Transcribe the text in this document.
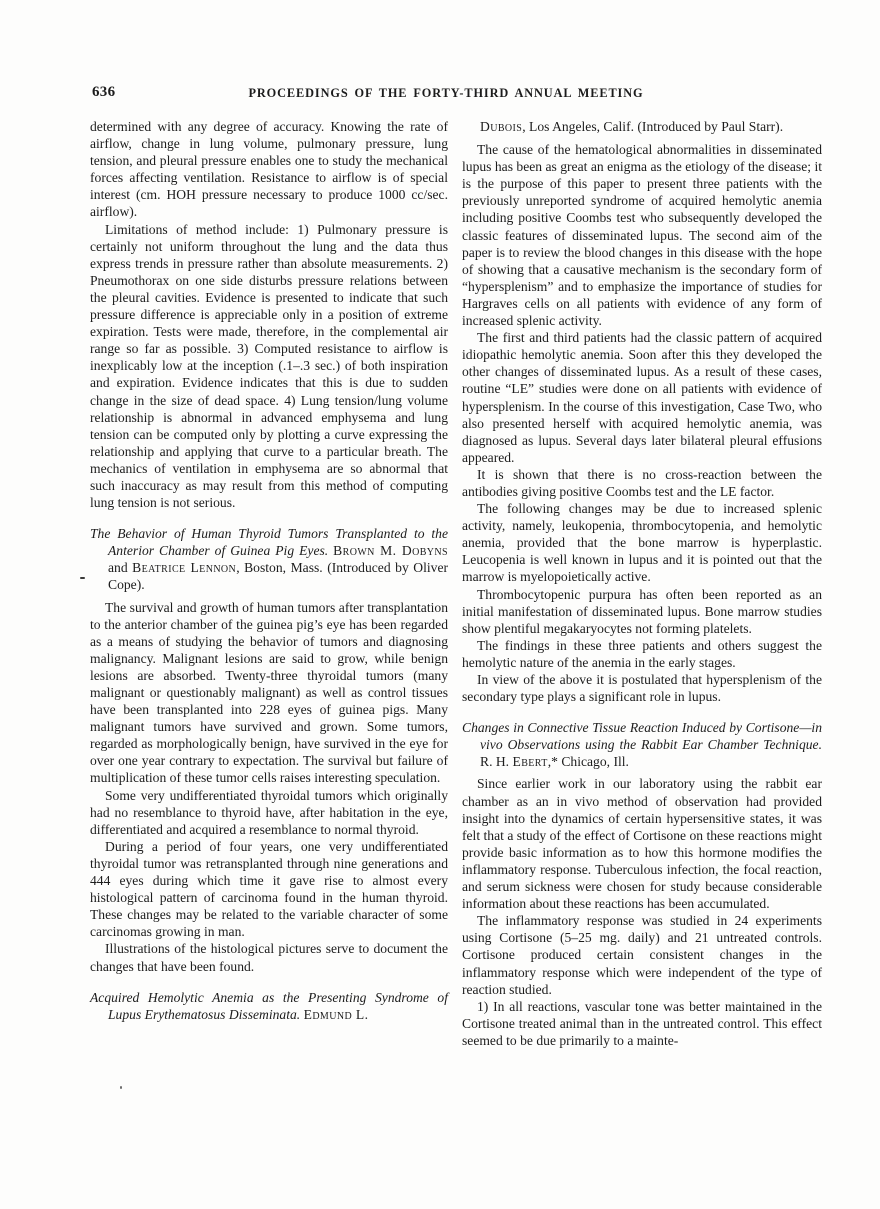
636	PROCEEDINGS OF THE FORTY-THIRD ANNUAL MEETING

determined with any degree of accuracy. Knowing the rate of airflow, change in lung volume, pulmonary pressure, lung tension, and pleural pressure enables one to study the mechanical forces affecting ventilation. Resistance to airflow is of special interest (cm. HOH pressure necessary to produce 1000 cc/sec. airflow).

Limitations of method include: 1) Pulmonary pressure is certainly not uniform throughout the lung and the data thus express trends in pressure rather than absolute measurements. 2) Pneumothorax on one side disturbs pressure relations between the pleural cavities. Evidence is presented to indicate that such pressure difference is appreciable only in a position of extreme expiration. Tests were made, therefore, in the complemental air range so far as possible. 3) Computed resistance to airflow is inexplicably low at the inception (.1–.3 sec.) of both inspiration and expiration. Evidence indicates that this is due to sudden change in the size of dead space. 4) Lung tension/lung volume relationship is abnormal in advanced emphysema and lung tension can be computed only by plotting a curve expressing the relationship and applying that curve to a particular breath. The mechanics of ventilation in emphysema are so abnormal that such inaccuracy as may result from this method of computing lung tension is not serious.

The Behavior of Human Thyroid Tumors Transplanted to the Anterior Chamber of Guinea Pig Eyes. Brown M. Dobyns and Beatrice Lennon, Boston, Mass. (Introduced by Oliver Cope).

The survival and growth of human tumors after transplantation to the anterior chamber of the guinea pig’s eye has been regarded as a means of studying the behavior of tumors and diagnosing malignancy. Malignant lesions are said to grow, while benign lesions are absorbed. Twenty-three thyroidal tumors (many malignant or questionably malignant) as well as control tissues have been transplanted into 228 eyes of guinea pigs. Many malignant tumors have survived and grown. Some tumors, regarded as morphologically benign, have survived in the eye for over one year contrary to expectation. The survival but failure of multiplication of these tumor cells raises interesting speculation.

Some very undifferentiated thyroidal tumors which originally had no resemblance to thyroid have, after habitation in the eye, differentiated and acquired a resemblance to normal thyroid.

During a period of four years, one very undifferentiated thyroidal tumor was retransplanted through nine generations and 444 eyes during which time it gave rise to almost every histological pattern of carcinoma found in the human thyroid. These changes may be related to the variable character of some carcinomas growing in man.

Illustrations of the histological pictures serve to document the changes that have been found.

Acquired Hemolytic Anemia as the Presenting Syndrome of Lupus Erythematosus Disseminata. Edmund L.

Dubois, Los Angeles, Calif. (Introduced by Paul Starr).

The cause of the hematological abnormalities in disseminated lupus has been as great an enigma as the etiology of the disease; it is the purpose of this paper to present three patients with the previously unreported syndrome of acquired hemolytic anemia including positive Coombs test who subsequently developed the classic features of disseminated lupus. The second aim of the paper is to review the blood changes in this disease with the hope of showing that a causative mechanism is the secondary form of “hypersplenism” and to emphasize the importance of studies for Hargraves cells on all patients with evidence of any form of increased splenic activity.

The first and third patients had the classic pattern of acquired idiopathic hemolytic anemia. Soon after this they developed the other changes of disseminated lupus. As a result of these cases, routine “LE” studies were done on all patients with evidence of hypersplenism. In the course of this investigation, Case Two, who also presented herself with acquired hemolytic anemia, was diagnosed as lupus. Several days later bilateral pleural effusions appeared.

It is shown that there is no cross-reaction between the antibodies giving positive Coombs test and the LE factor.

The following changes may be due to increased splenic activity, namely, leukopenia, thrombocytopenia, and hemolytic anemia, provided that the bone marrow is hyperplastic. Leucopenia is well known in lupus and it is pointed out that the marrow is myelopoietically active.

Thrombocytopenic purpura has often been reported as an initial manifestation of disseminated lupus. Bone marrow studies show plentiful megakaryocytes not forming platelets.

The findings in these three patients and others suggest the hemolytic nature of the anemia in the early stages.

In view of the above it is postulated that hypersplenism of the secondary type plays a significant role in lupus.

Changes in Connective Tissue Reaction Induced by Cortisone—in vivo Observations using the Rabbit Ear Chamber Technique. R. H. Ebert,* Chicago, Ill.

Since earlier work in our laboratory using the rabbit ear chamber as an in vivo method of observation had provided insight into the dynamics of certain hypersensitive states, it was felt that a study of the effect of Cortisone on these reactions might provide basic information as to how this hormone modifies the inflammatory response. Tuberculous infection, the focal reaction, and serum sickness were chosen for study because considerable information about these reactions has been accumulated.

The inflammatory response was studied in 24 experiments using Cortisone (5–25 mg. daily) and 21 untreated controls. Cortisone produced certain consistent changes in the inflammatory response which were independent of the type of reaction studied.

1) In all reactions, vascular tone was better maintained in the Cortisone treated animal than in the untreated control. This effect seemed to be due primarily to a mainte-
